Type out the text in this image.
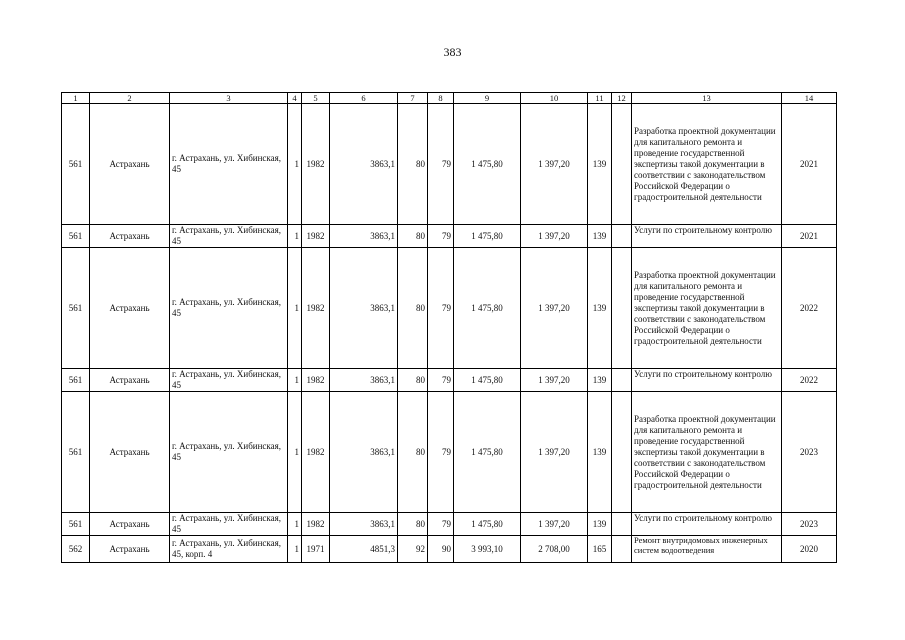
383
1	2	3	4	5	6	7	8	9	10	11	12	13	14
561	Астрахань	г. Астрахань, ул. Хибинская, 45	1	1982	3863,1	80	79	1 475,80	1 397,20	139		Разработка проектной документации для капитального ремонта и проведение государственной экспертизы такой документации в соответствии с законодательством Российской Федерации о градостроительной деятельности	2021
561	Астрахань	г. Астрахань, ул. Хибинская, 45	1	1982	3863,1	80	79	1 475,80	1 397,20	139		Услуги по строительному контролю	2021
561	Астрахань	г. Астрахань, ул. Хибинская, 45	1	1982	3863,1	80	79	1 475,80	1 397,20	139		Разработка проектной документации для капитального ремонта и проведение государственной экспертизы такой документации в соответствии с законодательством Российской Федерации о градостроительной деятельности	2022
561	Астрахань	г. Астрахань, ул. Хибинская, 45	1	1982	3863,1	80	79	1 475,80	1 397,20	139		Услуги по строительному контролю	2022
561	Астрахань	г. Астрахань, ул. Хибинская, 45	1	1982	3863,1	80	79	1 475,80	1 397,20	139		Разработка проектной документации для капитального ремонта и проведение государственной экспертизы такой документации в соответствии с законодательством Российской Федерации о градостроительной деятельности	2023
561	Астрахань	г. Астрахань, ул. Хибинская, 45	1	1982	3863,1	80	79	1 475,80	1 397,20	139		Услуги по строительному контролю	2023
562	Астрахань	г. Астрахань, ул. Хибинская, 45, корп. 4	1	1971	4851,3	92	90	3 993,10	2 708,00	165		Ремонт внутридомовых инженерных систем водоотведения	2020
